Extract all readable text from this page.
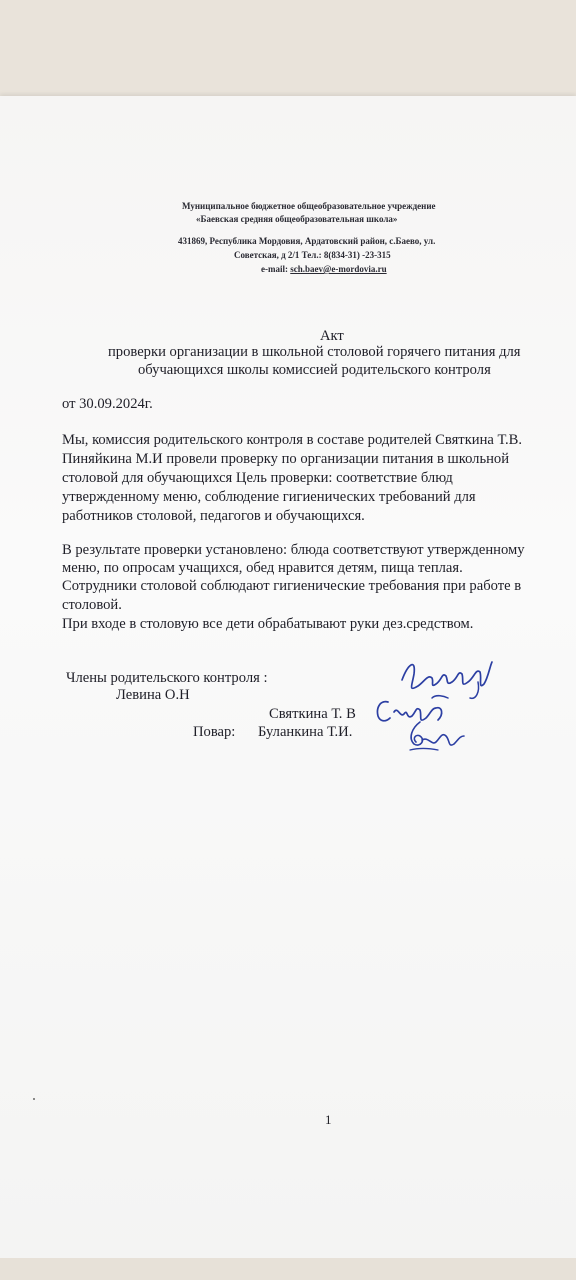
Муниципальное бюджетное общеобразовательное учреждение
«Баевская средняя общеобразовательная школа»
431869, Республика Мордовия, Ардатовский район, с.Баево, ул.
Советская, д 2/1 Тел.: 8(834-31) -23-315
e-mail: sch.baev@e-mordovia.ru
Акт
проверки организации в школьной столовой горячего питания для
обучающихся школы комиссией родительского контроля
от 30.09.2024г.
Мы, комиссия родительского контроля в составе родителей Святкина Т.В.
Пиняйкина М.И провели проверку по организации питания в школьной
столовой для обучающихся Цель проверки: соответствие блюд
утвержденному меню, соблюдение гигиенических требований для
работников столовой, педагогов и обучающихся.
В результате проверки установлено: блюда соответствуют утвержденному
меню, по опросам учащихся, обед нравится детям, пища теплая.
Сотрудники столовой соблюдают гигиенические требования при работе в
столовой.
При входе в столовую все дети обрабатывают руки дез.средством.
Члены родительского контроля :
Левина О.Н
Святкина Т. В
Повар: Буланкина Т.И.
1
